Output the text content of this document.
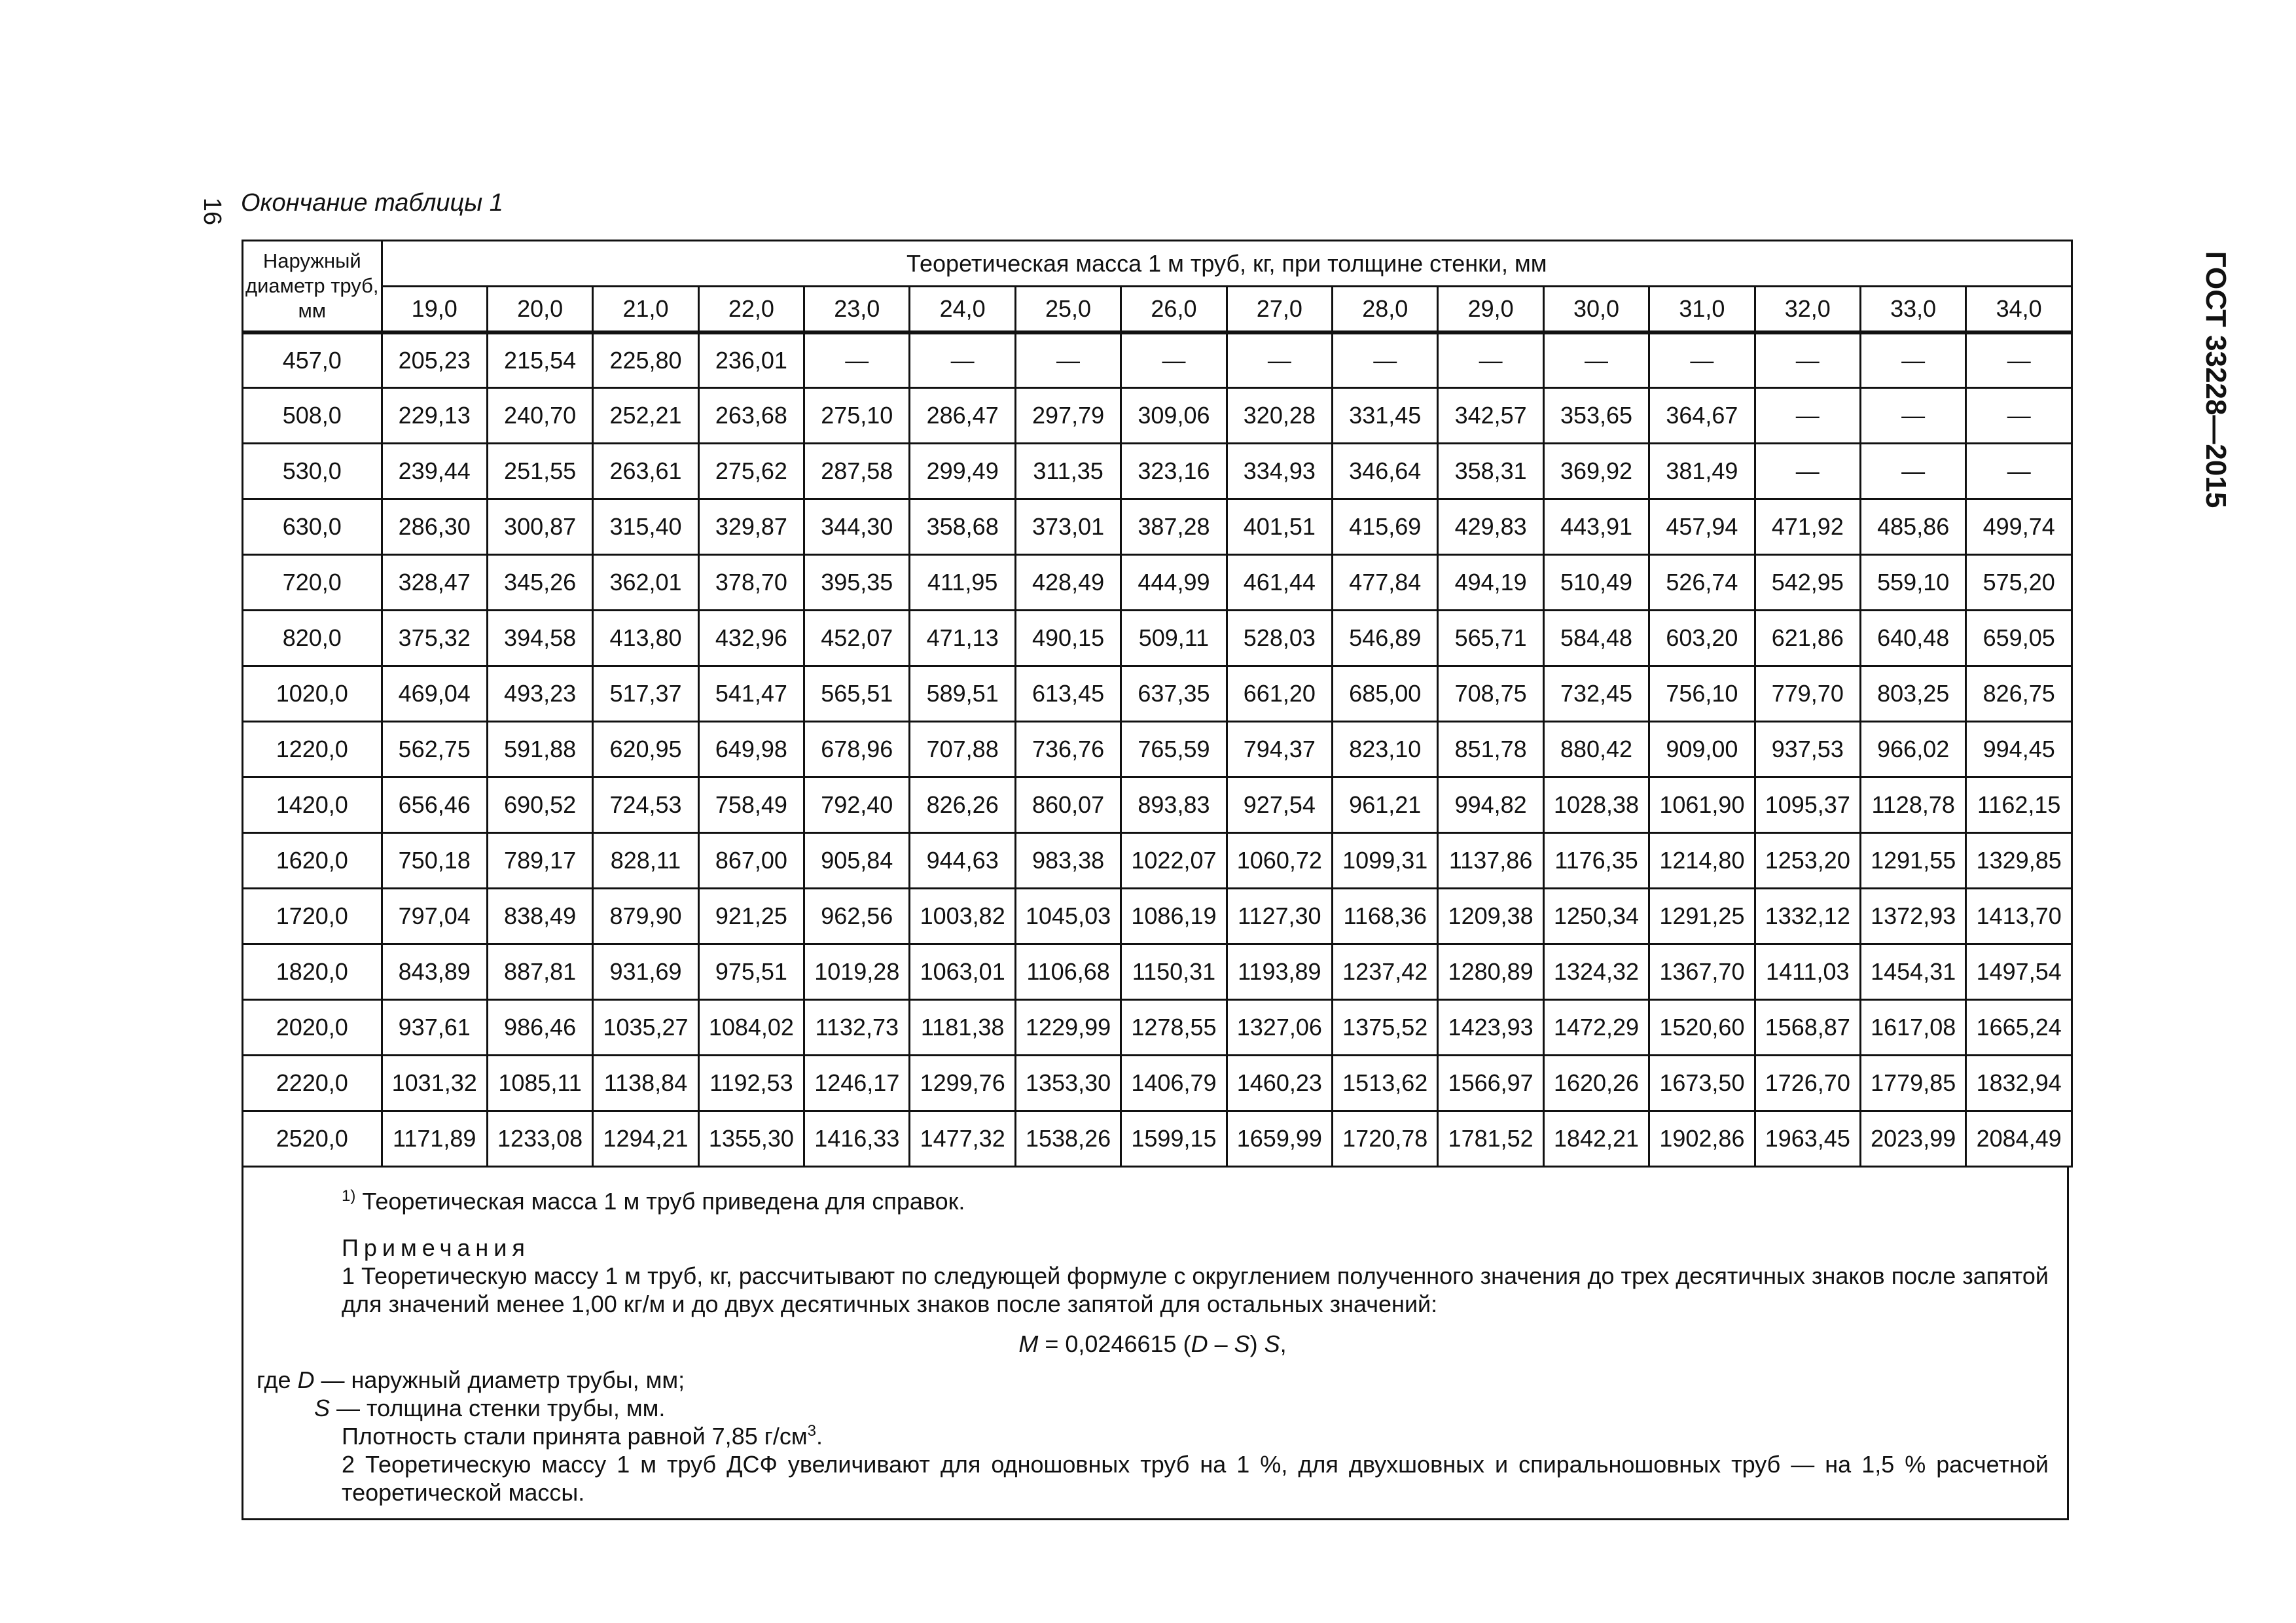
16 Окончание таблицы 1
ГОСТ 33228—2015
Наружный диаметр труб, мм	Теоретическая масса 1 м труб, кг, при толщине стенки, мм															
	19,0	20,0	21,0	22,0	23,0	24,0	25,0	26,0	27,0	28,0	29,0	30,0	31,0	32,0	33,0	34,0
457,0	205,23	215,54	225,80	236,01	—	—	—	—	—	—	—	—	—	—	—	—
508,0	229,13	240,70	252,21	263,68	275,10	286,47	297,79	309,06	320,28	331,45	342,57	353,65	364,67	—	—	—
530,0	239,44	251,55	263,61	275,62	287,58	299,49	311,35	323,16	334,93	346,64	358,31	369,92	381,49	—	—	—
630,0	286,30	300,87	315,40	329,87	344,30	358,68	373,01	387,28	401,51	415,69	429,83	443,91	457,94	471,92	485,86	499,74
720,0	328,47	345,26	362,01	378,70	395,35	411,95	428,49	444,99	461,44	477,84	494,19	510,49	526,74	542,95	559,10	575,20
820,0	375,32	394,58	413,80	432,96	452,07	471,13	490,15	509,11	528,03	546,89	565,71	584,48	603,20	621,86	640,48	659,05
1020,0	469,04	493,23	517,37	541,47	565,51	589,51	613,45	637,35	661,20	685,00	708,75	732,45	756,10	779,70	803,25	826,75
1220,0	562,75	591,88	620,95	649,98	678,96	707,88	736,76	765,59	794,37	823,10	851,78	880,42	909,00	937,53	966,02	994,45
1420,0	656,46	690,52	724,53	758,49	792,40	826,26	860,07	893,83	927,54	961,21	994,82	1028,38	1061,90	1095,37	1128,78	1162,15
1620,0	750,18	789,17	828,11	867,00	905,84	944,63	983,38	1022,07	1060,72	1099,31	1137,86	1176,35	1214,80	1253,20	1291,55	1329,85
1720,0	797,04	838,49	879,90	921,25	962,56	1003,82	1045,03	1086,19	1127,30	1168,36	1209,38	1250,34	1291,25	1332,12	1372,93	1413,70
1820,0	843,89	887,81	931,69	975,51	1019,28	1063,01	1106,68	1150,31	1193,89	1237,42	1280,89	1324,32	1367,70	1411,03	1454,31	1497,54
2020,0	937,61	986,46	1035,27	1084,02	1132,73	1181,38	1229,99	1278,55	1327,06	1375,52	1423,93	1472,29	1520,60	1568,87	1617,08	1665,24
2220,0	1031,32	1085,11	1138,84	1192,53	1246,17	1299,76	1353,30	1406,79	1460,23	1513,62	1566,97	1620,26	1673,50	1726,70	1779,85	1832,94
2520,0	1171,89	1233,08	1294,21	1355,30	1416,33	1477,32	1538,26	1599,15	1659,99	1720,78	1781,52	1842,21	1902,86	1963,45	2023,99	2084,49

$^{1)}$ Теоретическая масса 1 м труб приведена для справок.

Примечания

1 Теоретическую массу 1 м труб, кг, рассчитывают по следующей формуле с округлением полученного значения до трех десятичных знаков после запятой для значений менее 1,00 кг/м и до двух десятичных знаков после запятой для остальных значений:

M = 0,0246615 (D – S) S,

где D — наружный диаметр трубы, мм;

S — толщина стенки трубы, мм.

Плотность стали принята равной 7,85 $г/см^3$.

2 Теоретическую массу 1 м труб ДСФ увеличивают для одношовных труб на 1 %, для двухшовных и спиральношовных труб — на 1,5 % расчетной теоретической массы.
